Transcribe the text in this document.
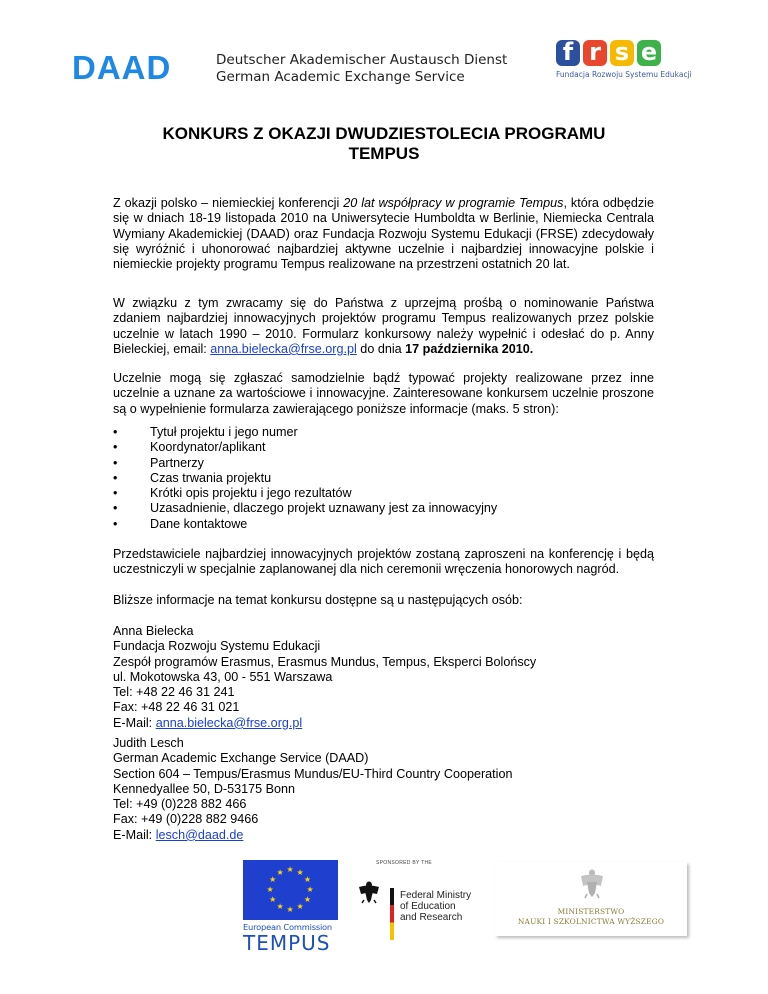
DAAD	Deutscher Akademischer Austausch Dienst
German Academic Exchange Service
f r s e
Fundacja Rozwoju Systemu Edukacji
KONKURS Z OKAZJI DWUDZIESTOLECIA PROGRAMU
TEMPUS
Z okazji polsko – niemieckiej konferencji 20 lat współpracy w programie Tempus, która odbędzie się w dniach 18-19 listopada 2010 na Uniwersytecie Humboldta w Berlinie, Niemiecka Centrala Wymiany Akademickiej (DAAD) oraz Fundacja Rozwoju Systemu Edukacji (FRSE) zdecydowały się wyróżnić i uhonorować najbardziej aktywne uczelnie i najbardziej innowacyjne polskie i niemieckie projekty programu Tempus realizowane na przestrzeni ostatnich 20 lat.
W związku z tym zwracamy się do Państwa z uprzejmą prośbą o nominowanie Państwa zdaniem najbardziej innowacyjnych projektów programu Tempus realizowanych przez polskie uczelnie w latach 1990 – 2010. Formularz konkursowy należy wypełnić i odesłać do p. Anny Bieleckiej, email: anna.bielecka@frse.org.pl do dnia 17 października 2010.
Uczelnie mogą się zgłaszać samodzielnie bądź typować projekty realizowane przez inne uczelnie a uznane za wartościowe i innowacyjne. Zainteresowane konkursem uczelnie proszone są o wypełnienie formularza zawierającego poniższe informacje (maks. 5 stron):
•	Tytuł projektu i jego numer
•	Koordynator/aplikant
•	Partnerzy
•	Czas trwania projektu
•	Krótki opis projektu i jego rezultatów
•	Uzasadnienie, dlaczego projekt uznawany jest za innowacyjny
•	Dane kontaktowe
Przedstawiciele najbardziej innowacyjnych projektów zostaną zaproszeni na konferencję i będą uczestniczyli w specjalnie zaplanowanej dla nich ceremonii wręczenia honorowych nagród.
Bliższe informacje na temat konkursu dostępne są u następujących osób:
Anna Bielecka
Fundacja Rozwoju Systemu Edukacji
Zespół programów Erasmus, Erasmus Mundus, Tempus, Eksperci Bolońscy
ul. Mokotowska 43, 00 - 551 Warszawa
Tel: +48 22 46 31 241
Fax: +48 22 46 31 021
E-Mail: anna.bielecka@frse.org.pl
Judith Lesch
German Academic Exchange Service (DAAD)
Section 604 – Tempus/Erasmus Mundus/EU-Third Country Cooperation
Kennedyallee 50, D-53175 Bonn
Tel: +49 (0)228 882 466
Fax: +49 (0)228 882 9466
E-Mail: lesch@daad.de
★
★
★
★
★
★
★
★
★ ★ ★
★
European Commission
TEMPUS
SPONSORED BY THE
Federal Ministry
of Education
and Research
MINISTERSTWO
NAUKI I SZKOLNICTWA WYŻSZEGO
